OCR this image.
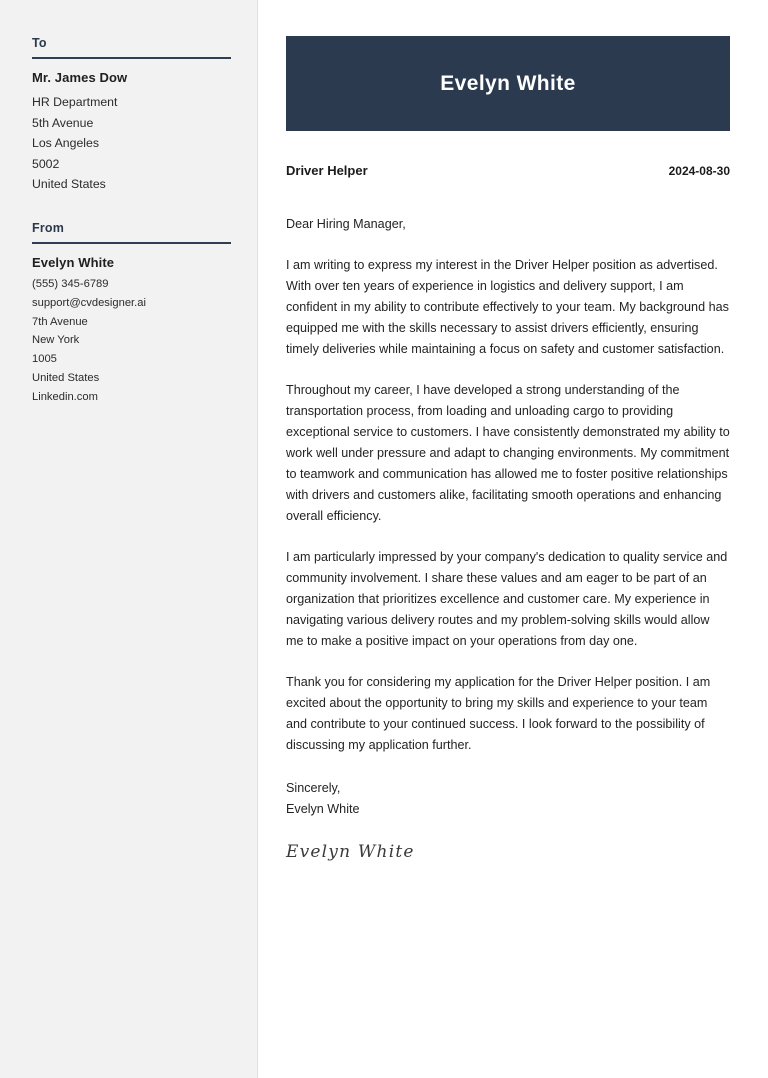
To
Mr. James Dow
HR Department
5th Avenue
Los Angeles
5002
United States
From
Evelyn White
(555) 345-6789
support@cvdesigner.ai
7th Avenue
New York
1005
United States
Linkedin.com
Evelyn White
Driver Helper	2024-08-30
Dear Hiring Manager,

I am writing to express my interest in the Driver Helper position as advertised. With over ten years of experience in logistics and delivery support, I am confident in my ability to contribute effectively to your team. My background has equipped me with the skills necessary to assist drivers efficiently, ensuring timely deliveries while maintaining a focus on safety and customer satisfaction.

Throughout my career, I have developed a strong understanding of the transportation process, from loading and unloading cargo to providing exceptional service to customers. I have consistently demonstrated my ability to work well under pressure and adapt to changing environments. My commitment to teamwork and communication has allowed me to foster positive relationships with drivers and customers alike, facilitating smooth operations and enhancing overall efficiency.

I am particularly impressed by your company's dedication to quality service and community involvement. I share these values and am eager to be part of an organization that prioritizes excellence and customer care. My experience in navigating various delivery routes and my problem-solving skills would allow me to make a positive impact on your operations from day one.

Thank you for considering my application for the Driver Helper position. I am excited about the opportunity to bring my skills and experience to your team and contribute to your continued success. I look forward to the possibility of discussing my application further.

Sincerely,
Evelyn White
Evelyn White
